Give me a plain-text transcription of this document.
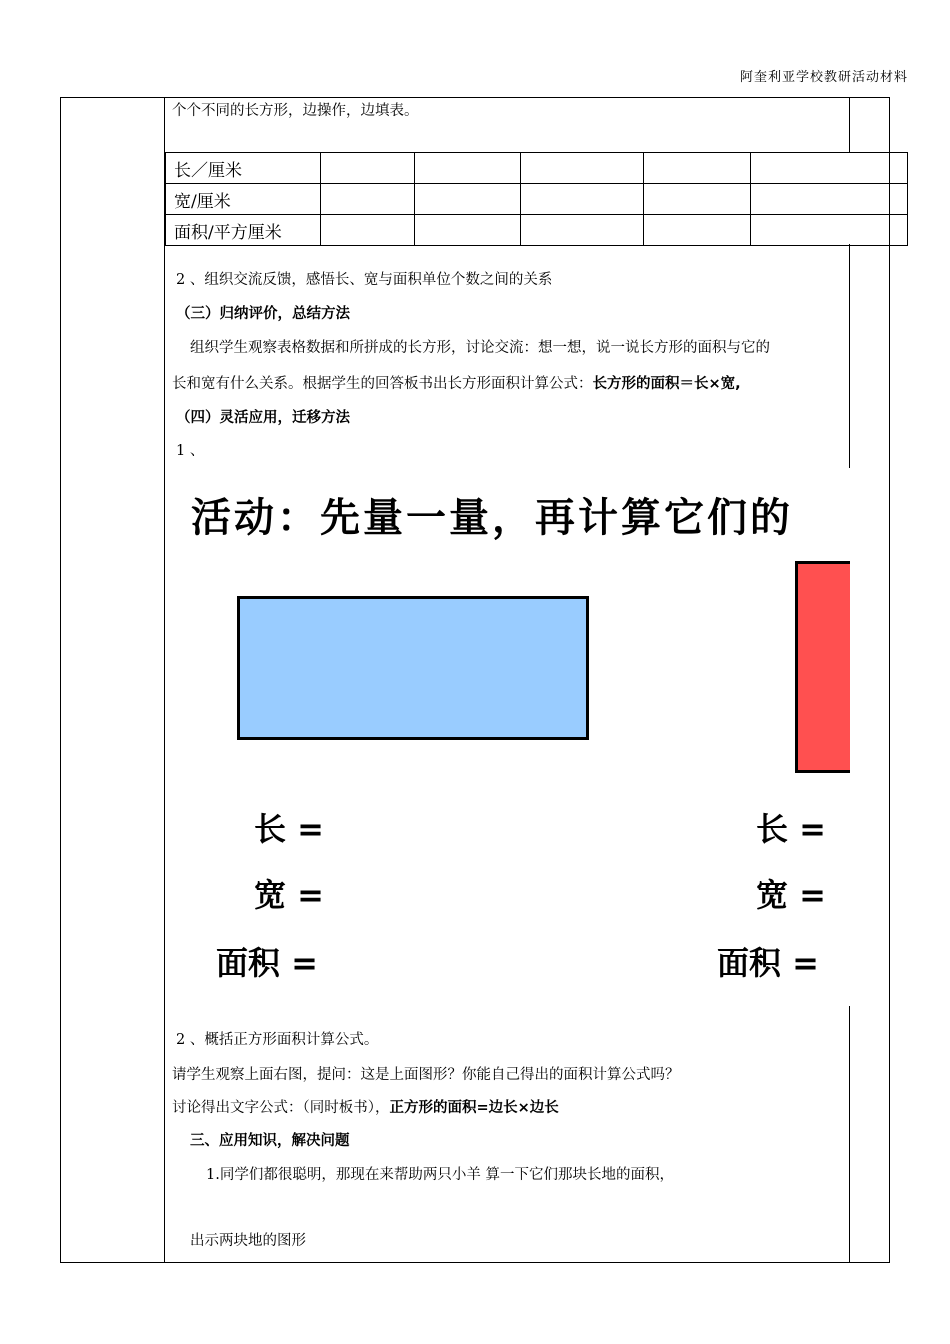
阿奎利亚学校教研活动材料
个个不同的长方形，边操作，边填表。
长／厘米					
宽/厘米					
面积/平方厘米					
2 、组织交流反馈，感悟长、宽与面积单位个数之间的关系
（三）归纳评价，总结方法
组织学生观察表格数据和所拼成的长方形，讨论交流：想一想，说一说长方形的面积与它的
长和宽有什么关系。根据学生的回答板书出长方形面积计算公式：长方形的面积＝长×宽,
（四）灵活应用，迁移方法
1 、
活动：先量一量，再计算它们的
长 =
宽 =
面积 =
长 =
宽 =
面积 =
2 、概括正方形面积计算公式。
请学生观察上面右图，提问：这是上面图形？你能自己得出的面积计算公式吗？
讨论得出文字公式：（同时板书），正方形的面积=边长×边长
三、应用知识，解决问题
1.同学们都很聪明，那现在来帮助两只小羊 算一下它们那块长地的面积，
出示两块地的图形
